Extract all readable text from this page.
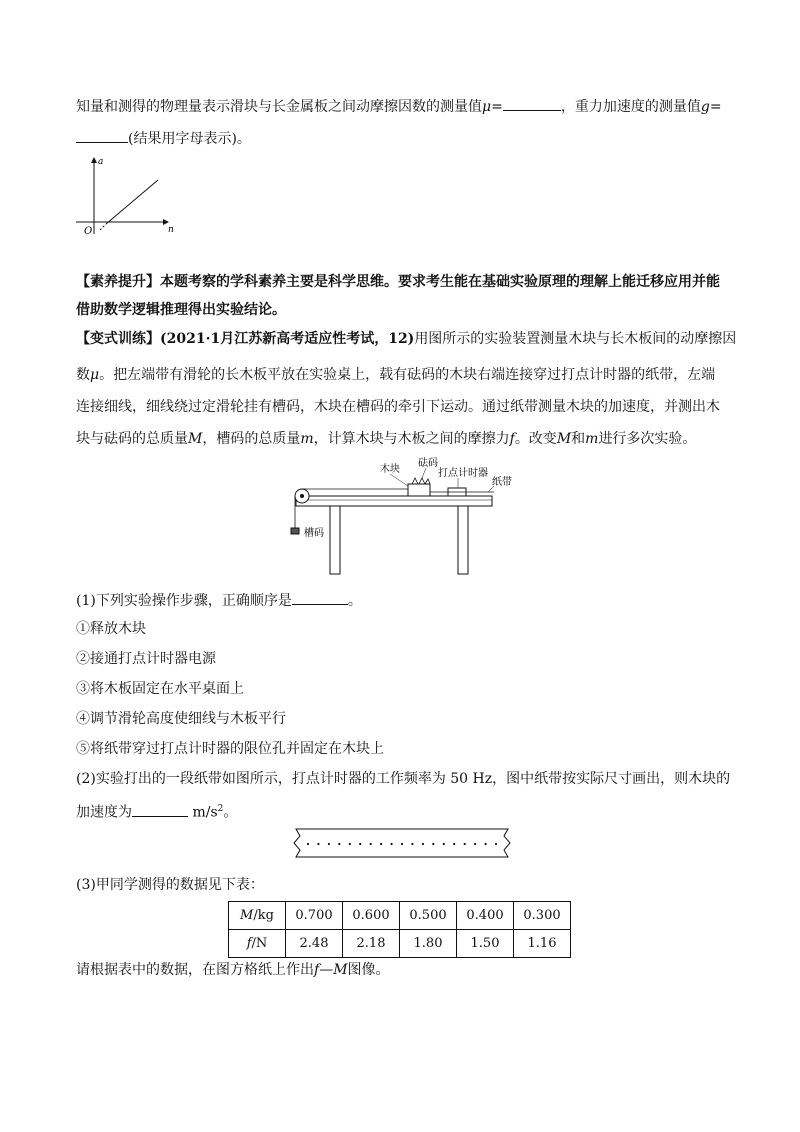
知量和测得的物理量表示滑块与长金属板之间动摩擦因数的测量值μ=	，重力加速度的测量值g=
(结果用字母表示)。
a
n
O
【素养提升】本题考察的学科素养主要是科学思维。要求考生能在基础实验原理的理解上能迁移应用并能
借助数学逻辑推理得出实验结论。
【变式训练】(2021·1月江苏新高考适应性考试，12)用图所示的实验装置测量木块与长木板间的动摩擦因
数μ。把左端带有滑轮的长木板平放在实验桌上，载有砝码的木块右端连接穿过打点计时器的纸带，左端
连接细线，细线绕过定滑轮挂有槽码，木块在槽码的牵引下运动。通过纸带测量木块的加速度，并测出木
块与砝码的总质量M，槽码的总质量m，计算木块与木板之间的摩擦力f。改变M和m进行多次实验。
砝码
木块	打点计时器
纸带
槽码
(1)下列实验操作步骤，正确顺序是	。
①释放木块
②接通打点计时器电源
③将木板固定在水平桌面上
④调节滑轮高度使细线与木板平行
⑤将纸带穿过打点计时器的限位孔并固定在木块上
(2)实验打出的一段纸带如图所示，打点计时器的工作频率为 50 Hz，图中纸带按实际尺寸画出，则木块的
加速度为	$m/s^2$。
(3)甲同学测得的数据见下表：
M/kg	0.700	0.600	0.500	0.400	0.300
f/N	2.48	2.18	1.80	1.50	1.16
请根据表中的数据，在图方格纸上作出f—M图像。
